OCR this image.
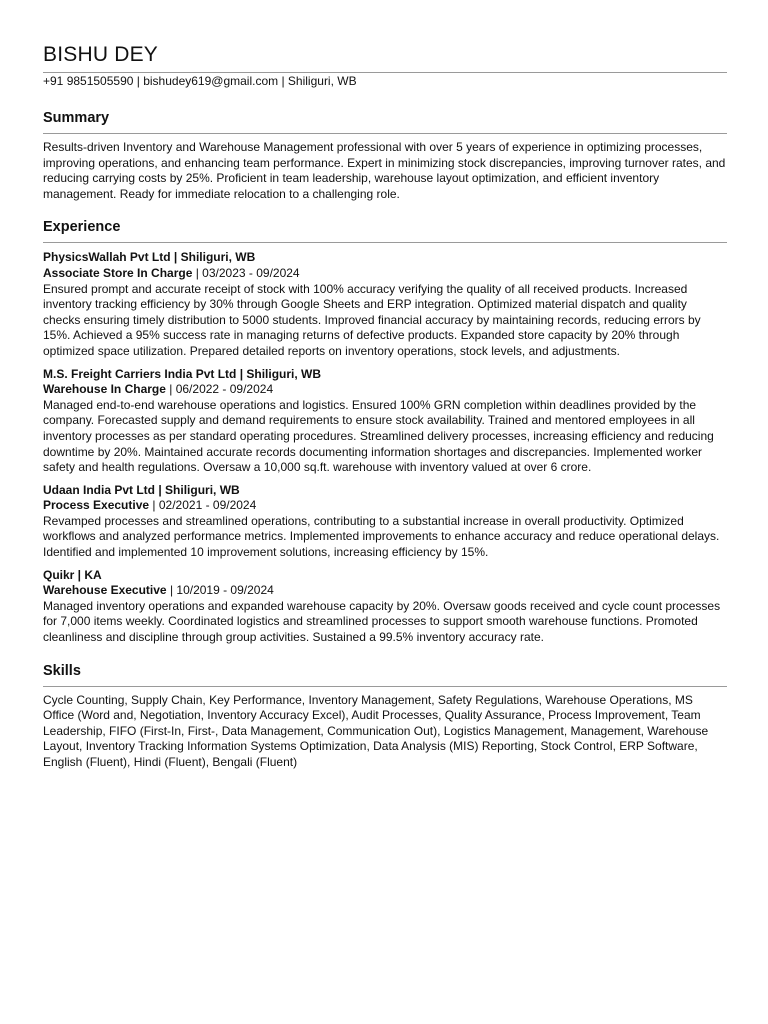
BISHU DEY

+91 9851505590 | bishudey619@gmail.com | Shiliguri, WB

Summary

Results-driven Inventory and Warehouse Management professional with over 5 years of experience in optimizing processes, improving operations, and enhancing team performance. Expert in minimizing stock discrepancies, improving turnover rates, and reducing carrying costs by 25%. Proficient in team leadership, warehouse layout optimization, and efficient inventory management. Ready for immediate relocation to a challenging role.

Experience

PhysicsWallah Pvt Ltd | Shiliguri, WB

Associate Store In Charge | 03/2023 - 09/2024

Ensured prompt and accurate receipt of stock with 100% accuracy verifying the quality of all received products. Increased inventory tracking efficiency by 30% through Google Sheets and ERP integration. Optimized material dispatch and quality checks ensuring timely distribution to 5000 students. Improved financial accuracy by maintaining records, reducing errors by 15%. Achieved a 95% success rate in managing returns of defective products. Expanded store capacity by 20% through optimized space utilization. Prepared detailed reports on inventory operations, stock levels, and adjustments.

M.S. Freight Carriers India Pvt Ltd | Shiliguri, WB

Warehouse In Charge | 06/2022 - 09/2024

Managed end-to-end warehouse operations and logistics. Ensured 100% GRN completion within deadlines provided by the company. Forecasted supply and demand requirements to ensure stock availability. Trained and mentored employees in all inventory processes as per standard operating procedures. Streamlined delivery processes, increasing efficiency and reducing downtime by 20%. Maintained accurate records documenting information shortages and discrepancies. Implemented worker safety and health regulations. Oversaw a 10,000 sq.ft. warehouse with inventory valued at over 6 crore.

Udaan India Pvt Ltd | Shiliguri, WB

Process Executive | 02/2021 - 09/2024

Revamped processes and streamlined operations, contributing to a substantial increase in overall productivity. Optimized workflows and analyzed performance metrics. Implemented improvements to enhance accuracy and reduce operational delays. Identified and implemented 10 improvement solutions, increasing efficiency by 15%.

Quikr | KA

Warehouse Executive | 10/2019 - 09/2024

Managed inventory operations and expanded warehouse capacity by 20%. Oversaw goods received and cycle count processes for 7,000 items weekly. Coordinated logistics and streamlined processes to support smooth warehouse functions. Promoted cleanliness and discipline through group activities. Sustained a 99.5% inventory accuracy rate.

Skills

Cycle Counting, Supply Chain, Key Performance, Inventory Management, Safety Regulations, Warehouse Operations, MS Office (Word and, Negotiation, Inventory Accuracy Excel), Audit Processes, Quality Assurance, Process Improvement, Team Leadership, FIFO (First-In, First-, Data Management, Communication Out), Logistics Management, Management, Warehouse Layout, Inventory Tracking Information Systems Optimization, Data Analysis (MIS) Reporting, Stock Control, ERP Software, English (Fluent), Hindi (Fluent), Bengali (Fluent)
